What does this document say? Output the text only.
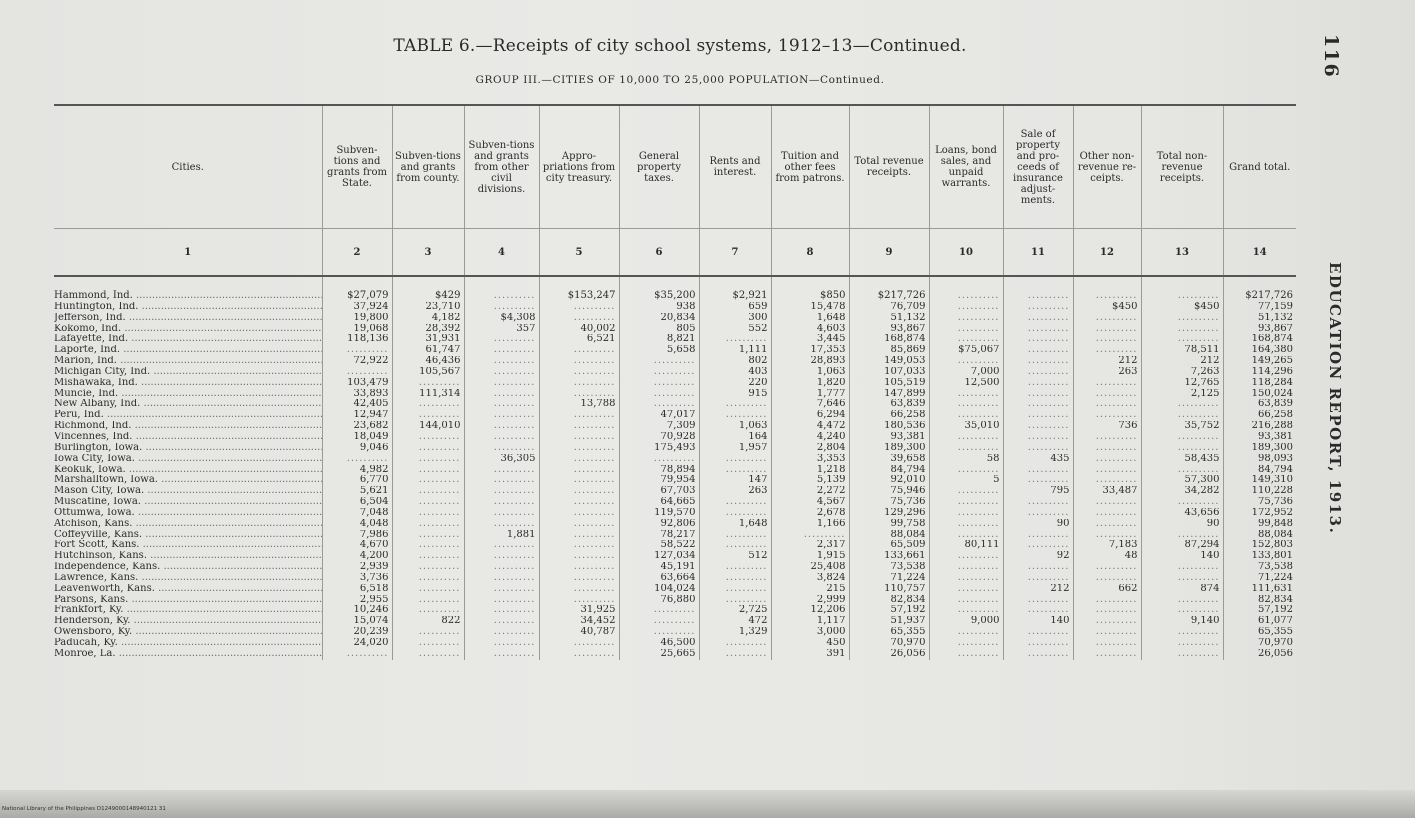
TABLE 6.—Receipts of city school systems, 1912–13—Continued.
GROUP III.—CITIES OF 10,000 TO 25,000 POPULATION—Continued.
116
EDUCATION REPORT, 1913.
Cities.	Subven-tions and grants from State.	Subven-tions and grants from county.	Subven-tions and grants from other civil divisions.	Appro-priations from city treasury.	General property taxes.	Rents and interest.	Tuition and other fees from patrons.	Total revenue receipts.	Loans, bond sales, and unpaid warrants.	Sale of property and pro-ceeds of insurance adjust-ments.	Other non-revenue re-ceipts.	Total non-revenue receipts.	Grand total.
1	2	3	4	5	6	7	8	9	10	11	12	13	14
Hammond, Ind. .....	$27,079	$429	..........	$153,247	$35,200	$2,921	$850	$217,726	..........	..........	..........	..........	$217,726
Huntington, Ind. .....	37,924	23,710	..........	..........	938	659	15,478	76,709	..........	..........	$450	$450	77,159
Jefferson, Ind. .....	19,800	4,182	$4,308	..........	20,834	300	1,648	51,132	..........	..........	..........	..........	51,132
Kokomo, Ind. .....	19,068	28,392	357	40,002	805	552	4,603	93,867	..........	..........	..........	..........	93,867
Lafayette, Ind. .....	118,136	31,931	..........	6,521	8,821	..........	3,445	168,874	..........	..........	..........	..........	168,874
Laporte, Ind. .....	..........	61,747	..........	..........	5,658	1,111	17,353	85,869	$75,067	..........	..........	78,511	164,380
Marion, Ind. .....	72,922	46,436	..........	..........	..........	802	28,893	149,053	..........	..........	212	212	149,265
Michigan City, Ind. .....	..........	105,567	..........	..........	..........	403	1,063	107,033	7,000	..........	263	7,263	114,296
Mishawaka, Ind. .....	103,479	..........	..........	..........	..........	220	1,820	105,519	12,500	..........	..........	12,765	118,284
Muncie, Ind. .....	33,893	111,314	..........	..........	..........	915	1,777	147,899	..........	..........	..........	2,125	150,024
New Albany, Ind. .....	42,405	..........	..........	13,788	..........	..........	7,646	63,839	..........	..........	..........	..........	63,839
Peru, Ind. .....	12,947	..........	..........	..........	47,017	..........	6,294	66,258	..........	..........	..........	..........	66,258
Richmond, Ind. .....	23,682	144,010	..........	..........	7,309	1,063	4,472	180,536	35,010	..........	736	35,752	216,288
Vincennes, Ind. .....	18,049	..........	..........	..........	70,928	164	4,240	93,381	..........	..........	..........	..........	93,381
Burlington, Iowa. .....	9,046	..........	..........	..........	175,493	1,957	2,804	189,300	..........	..........	..........	..........	189,300
Iowa City, Iowa. .....	..........	..........	36,305	..........	..........	..........	3,353	39,658	58	435	..........	58,435	98,093
Keokuk, Iowa. .....	4,982	..........	..........	..........	78,894	..........	1,218	84,794	..........	..........	..........	..........	84,794
Marshalltown, Iowa. .....	6,770	..........	..........	..........	79,954	147	5,139	92,010	5	..........	..........	57,300	149,310
Mason City, Iowa. .....	5,621	..........	..........	..........	67,703	263	2,272	75,946	..........	795	33,487	34,282	110,228
Muscatine, Iowa. .....	6,504	..........	..........	..........	64,665	..........	4,567	75,736	..........	..........	..........	..........	75,736
Ottumwa, Iowa. .....	7,048	..........	..........	..........	119,570	..........	2,678	129,296	..........	..........	..........	43,656	172,952
Atchison, Kans. .....	4,048	..........	..........	..........	92,806	1,648	1,166	99,758	..........	90	..........	90	99,848
Coffeyville, Kans. .....	7,986	..........	1,881	..........	78,217	..........	..........	88,084	..........	..........	..........	..........	88,084
Fort Scott, Kans. .....	4,670	..........	..........	..........	58,522	..........	2,317	65,509	80,111	..........	7,183	87,294	152,803
Hutchinson, Kans. .....	4,200	..........	..........	..........	127,034	512	1,915	133,661	..........	92	48	140	133,801
Independence, Kans. .....	2,939	..........	..........	..........	45,191	..........	25,408	73,538	..........	..........	..........	..........	73,538
Lawrence, Kans. .....	3,736	..........	..........	..........	63,664	..........	3,824	71,224	..........	..........	..........	..........	71,224
Leavenworth, Kans. .....	6,518	..........	..........	..........	104,024	..........	215	110,757	..........	212	662	874	111,631
Parsons, Kans. .....	2,955	..........	..........	..........	76,880	..........	2,999	82,834	..........	..........	..........	..........	82,834
Frankfort, Ky. .....	10,246	..........	..........	31,925	..........	2,725	12,206	57,192	..........	..........	..........	..........	57,192
Henderson, Ky. .....	15,074	822	..........	34,452	..........	472	1,117	51,937	9,000	140	..........	9,140	61,077
Owensboro, Ky. .....	20,239	..........	..........	40,787	..........	1,329	3,000	65,355	..........	..........	..........	..........	65,355
Paducah, Ky. .....	24,020	..........	..........	..........	46,500	..........	450	70,970	..........	..........	..........	..........	70,970
Monroe, La. .....	..........	..........	..........	..........	25,665	..........	391	26,056	..........	..........	..........	..........	26,056
National Library of the Philippines D1249000148940121 31
